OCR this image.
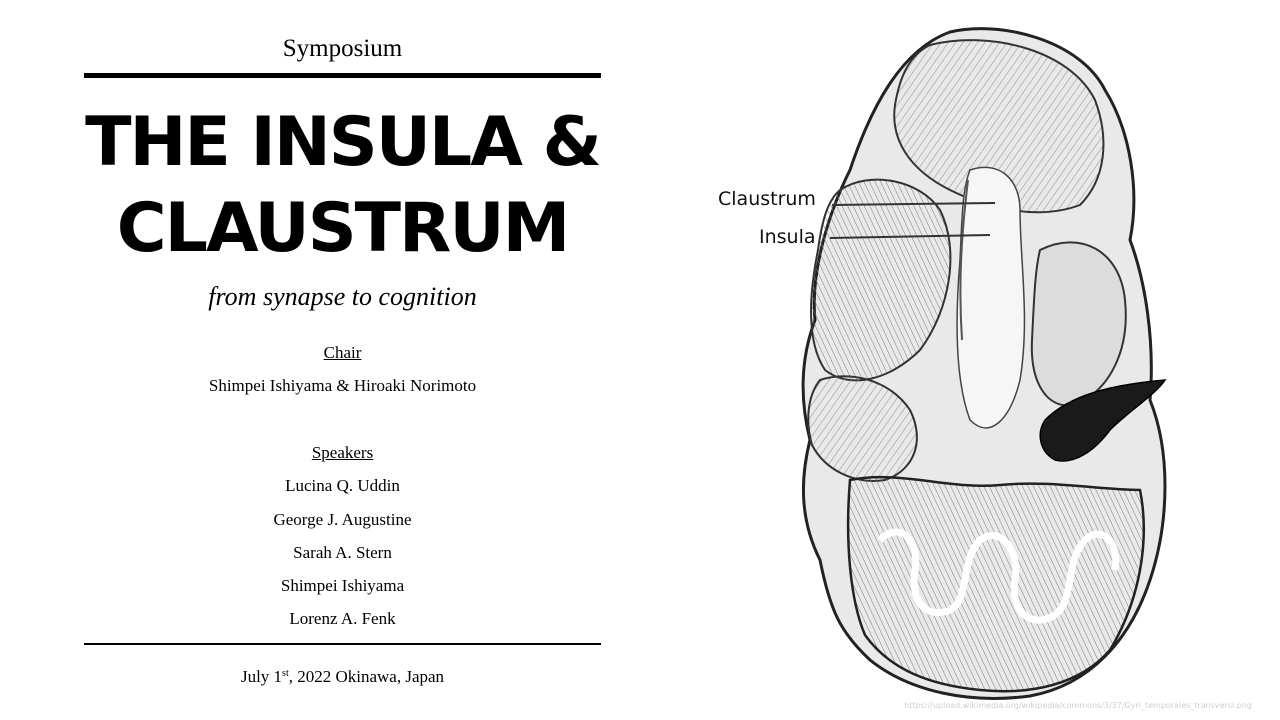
Symposium
THE INSULA &
CLAUSTRUM
from synapse to cognition
Chair
Shimpei Ishiyama & Hiroaki Norimoto
Speakers
Lucina Q. Uddin
George J. Augustine
Sarah A. Stern
Shimpei Ishiyama
Lorenz A. Fenk
July 1st, 2022 Okinawa, Japan
Claustrum
Insula
https://upload.wikimedia.org/wikipedia/commons/3/37/Gyri_temporales_transversi.png
